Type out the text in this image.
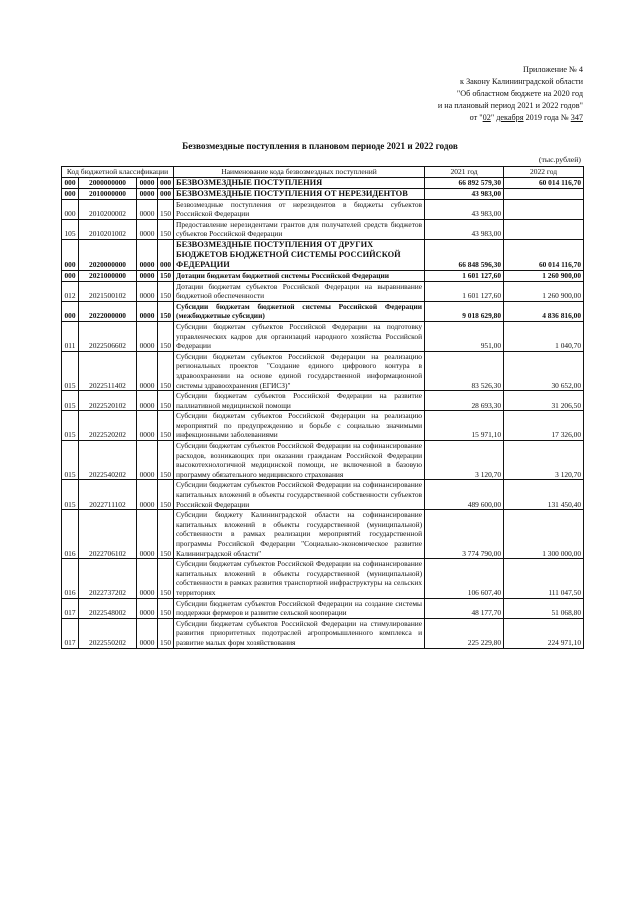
Приложение № 4
к Закону Калининградской области
"Об областном бюджете на 2020 год
и на плановый период 2021 и 2022 годов"
от "02" декабря 2019 года № 347
Безвозмездные поступления в плановом периоде 2021 и 2022 годов
(тыс.рублей)
Код бюджетной классификации				Наименование кода безвозмездных поступлений	2021 год	2022 год
000	2000000000	0000	000	БЕЗВОЗМЕЗДНЫЕ ПОСТУПЛЕНИЯ	66 892 579,30	60 014 116,70
000	2010000000	0000	000	БЕЗВОЗМЕЗДНЫЕ ПОСТУПЛЕНИЯ ОТ НЕРЕЗИДЕНТОВ	43 983,00	
000	2010200002	0000	150	Безвозмездные поступления от нерезидентов в бюджеты субъектов Российской Федерации	43 983,00	
105	2010201002	0000	150	Предоставление нерезидентами грантов для получателей средств бюджетов субъектов Российской Федерации	43 983,00	
000	2020000000	0000	000	БЕЗВОЗМЕЗДНЫЕ ПОСТУПЛЕНИЯ ОТ ДРУГИХ БЮДЖЕТОВ БЮДЖЕТНОЙ СИСТЕМЫ РОССИЙСКОЙ ФЕДЕРАЦИИ	66 848 596,30	60 014 116,70
000	2021000000	0000	150	Дотации бюджетам бюджетной системы Российской Федерации	1 601 127,60	1 260 900,00
012	2021500102	0000	150	Дотации бюджетам субъектов Российской Федерации на выравнивание бюджетной обеспеченности	1 601 127,60	1 260 900,00
000	2022000000	0000	150	Субсидии бюджетам бюджетной системы Российской Федерации (межбюджетные субсидии)	9 018 629,80	4 836 816,00
011	2022506602	0000	150	Субсидии бюджетам субъектов Российской Федерации на подготовку управленческих кадров для организаций народного хозяйства Российской Федерации	951,00	1 040,70
015	2022511402	0000	150	Субсидии бюджетам субъектов Российской Федерации на реализацию региональных проектов "Создание единого цифрового контура в здравоохранении на основе единой государственной информационной системы здравоохранения (ЕГИСЗ)"	83 526,30	30 652,00
015	2022520102	0000	150	Субсидии бюджетам субъектов Российской Федерации на развитие паллиативной медицинской помощи	28 693,30	31 206,50
015	2022520202	0000	150	Субсидии бюджетам субъектов Российской Федерации на реализацию мероприятий по предупреждению и борьбе с социально значимыми инфекционными заболеваниями	15 971,10	17 326,00
015	2022540202	0000	150	Субсидии бюджетам субъектов Российской Федерации на софинансирование расходов, возникающих при оказании гражданам Российской Федерации высокотехнологичной медицинской помощи, не включенной в базовую программу обязательного медицинского страхования	3 120,70	3 120,70
015	2022711102	0000	150	Субсидии бюджетам субъектов Российской Федерации на софинансирование капитальных вложений в объекты государственной собственности субъектов Российской Федерации	489 600,00	131 450,40
016	2022706102	0000	150	Субсидии бюджету Калининградской области на софинансирование капитальных вложений в объекты государственной (муниципальной) собственности в рамках реализации мероприятий государственной программы Российской Федерации "Социально-экономическое развитие Калининградской области"	3 774 790,00	1 300 000,00
016	2022737202	0000	150	Субсидии бюджетам субъектов Российской Федерации на софинансирование капитальных вложений в объекты государственной (муниципальной) собственности в рамках развития транспортной инфраструктуры на сельских территориях	106 607,40	111 047,50
017	2022548002	0000	150	Субсидии бюджетам субъектов Российской Федерации на создание системы поддержки фермеров и развитие сельской кооперации	48 177,70	51 068,80
017	2022550202	0000	150	Субсидии бюджетам субъектов Российской Федерации на стимулирование развития приоритетных подотраслей агропромышленного комплекса и развитие малых форм хозяйствования	225 229,80	224 971,10
